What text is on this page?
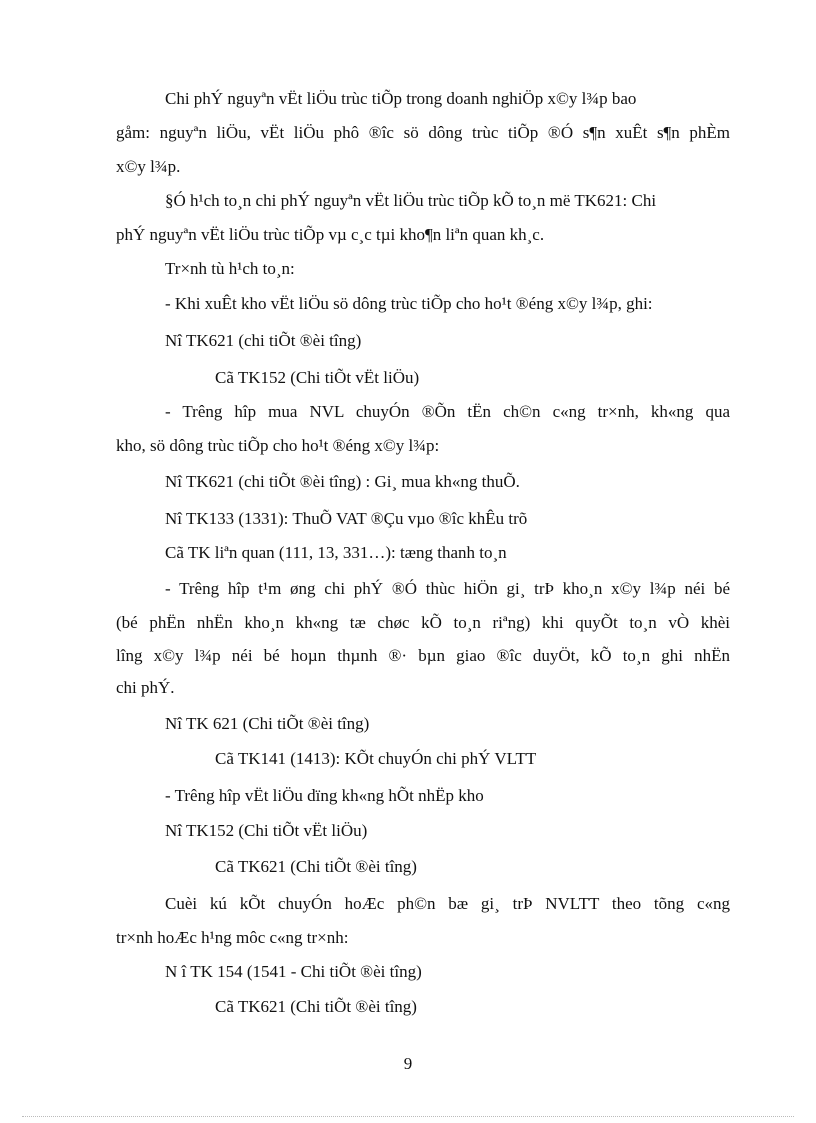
Chi phÝ nguyªn vËt liÖu trùc tiÕp trong doanh nghiÖp x©y l¾p bao
gåm: nguyªn liÖu, vËt liÖu phô ®îc sö dông trùc tiÕp ®Ó s¶n xuÊt s¶n phÈm
x©y l¾p.
§Ó h¹ch to¸n chi phÝ nguyªn vËt liÖu trùc tiÕp kÕ to¸n më TK621: Chi
phÝ nguyªn vËt liÖu trùc tiÕp vµ c¸c tµi kho¶n liªn quan kh¸c.
Tr×nh tù h¹ch to¸n:
- Khi xuÊt kho vËt liÖu sö dông trùc tiÕp cho ho¹t ®éng x©y l¾p, ghi:
Nî TK621 (chi tiÕt ®èi tîng)
Cã TK152 (Chi tiÕt vËt liÖu)
- Trêng hîp mua NVL chuyÓn ®Õn tËn ch©n c«ng tr×nh, kh«ng qua
kho, sö dông trùc tiÕp cho ho¹t ®éng x©y l¾p:
Nî TK621 (chi tiÕt ®èi tîng) : Gi¸ mua kh«ng thuÕ.
Nî TK133 (1331): ThuÕ VAT ®Çu vµo ®îc khÊu trõ
Cã TK liªn quan (111, 13, 331…): tæng thanh to¸n
- Trêng hîp t¹m øng chi phÝ ®Ó thùc hiÖn gi¸ trÞ kho¸n x©y l¾p néi bé
(bé phËn nhËn kho¸n kh«ng tæ chøc kÕ to¸n riªng) khi quyÕt to¸n vÒ khèi
lîng x©y l¾p néi bé hoµn thµnh ®· bµn giao ®îc duyÖt, kÕ to¸n ghi nhËn
chi phÝ.
Nî TK 621 (Chi tiÕt ®èi tîng)
Cã TK141 (1413): KÕt chuyÓn chi phÝ VLTT
- Trêng hîp vËt liÖu dïng kh«ng hÕt nhËp kho
Nî TK152 (Chi tiÕt vËt liÖu)
Cã TK621 (Chi tiÕt ®èi tîng)
Cuèi kú kÕt chuyÓn hoÆc ph©n bæ gi¸ trÞ NVLTT theo tõng c«ng
tr×nh hoÆc h¹ng môc c«ng tr×nh:
N î TK 154 (1541 - Chi tiÕt ®èi tîng)
Cã TK621 (Chi tiÕt ®èi tîng)
9
